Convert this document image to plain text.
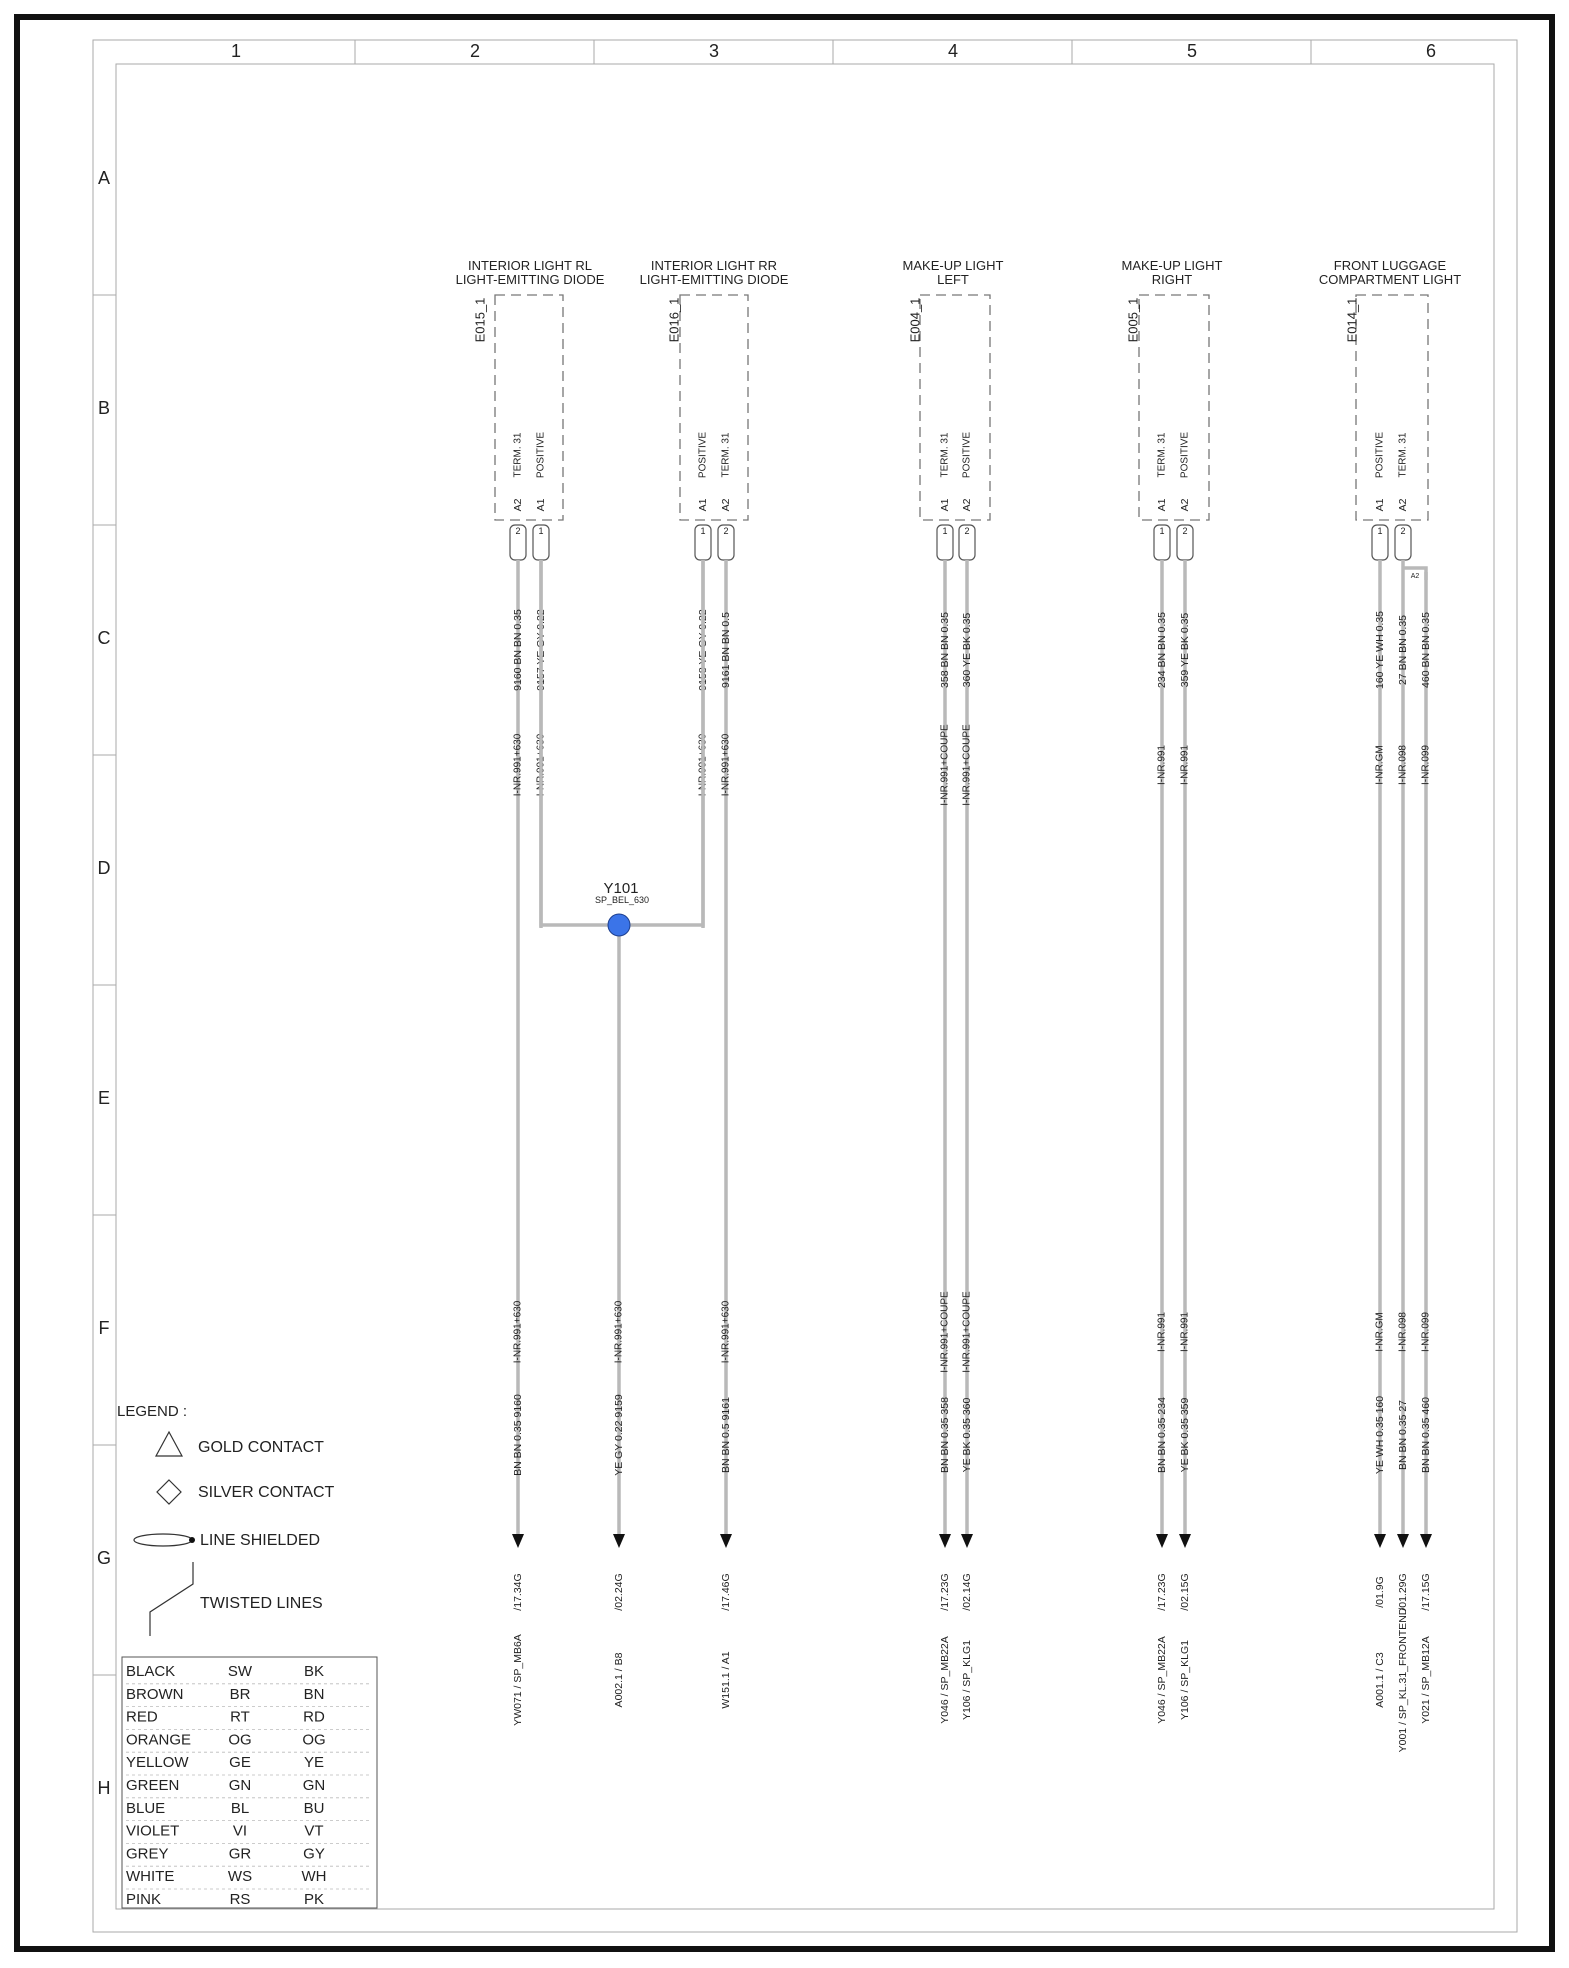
1	2	3	4	5	6
A
B
C
D
E
F
G
H
INTERIOR LIGHT RL
LIGHT-EMITTING DIODE
E015_1
TERM. 31
A2
2
9160 BN BN 0.35
I-NR.991+630
I-NR.991+630
BN BN 0.35 9160
/17.34G
YW071 / SP_MB6A
POSITIVE
A1
1
9157 YE GY 0.22
I-NR.991+630
INTERIOR LIGHT RR
LIGHT-EMITTING DIODE
E016_1
POSITIVE
A1
1
9158 YE GY 0.22
I-NR.991+630
TERM. 31
A2
2
9161 BN BN 0.5
I-NR.991+630
I-NR.991+630
BN BN 0.5 9161
/17.46G
W151.1 / A1
MAKE-UP LIGHT
LEFT
E004_1
TERM. 31
A1
1
358 BN BN 0.35
I-NR.991+COUPE
I-NR.991+COUPE
BN BN 0.35 358
/17.23G
Y046 / SP_MB22A
POSITIVE
A2
2
360 YE BK 0.35
I-NR.991+COUPE
I-NR.991+COUPE
YE BK 0.35 360
/02.14G
Y106 / SP_KLG1
MAKE-UP LIGHT
RIGHT
E005_1
TERM. 31
A1
1
234 BN BN 0.35
I-NR.991
I-NR.991
BN BN 0.35 234
/17.23G
Y046 / SP_MB22A
POSITIVE
A2
2
359 YE BK 0.35
I-NR.991
I-NR.991
YE BK 0.35 359
/02.15G
Y106 / SP_KLG1
FRONT LUGGAGE
COMPARTMENT LIGHT
E014_1
POSITIVE
A1
1
160 YE WH 0.35
I-NR.GM
I-NR.GM
YE WH 0.35 160
/01.9G
A001.1 / C3
TERM. 31
A2
2
27 BN BN 0.35
I-NR.098
I-NR.098
BN BN 0.35 27
/01.29G
Y001 / SP_KL.31_FRONTEND
460 BN BN 0.35
I-NR.099
I-NR.099
BN BN 0.35 460
/17.15G
Y021 / SP_MB12A
A2
Y101
SP_BEL_630
I-NR.991+630
YE GY 0.22 9159
/02.24G
A002.1 / B8
LEGEND :
GOLD CONTACT
SILVER CONTACT
LINE SHIELDED
TWISTED LINES
BLACK	SW	BK
BROWN	BR	BN
RED	RT	RD
ORANGE OG	OG
YELLOW	GE	YE
GREEN	GN	GN
BLUE	BL	BU
VIOLET	VI	VT
GREY	GR	GY
WHITE	WS	WH
PINK	RS	PK
